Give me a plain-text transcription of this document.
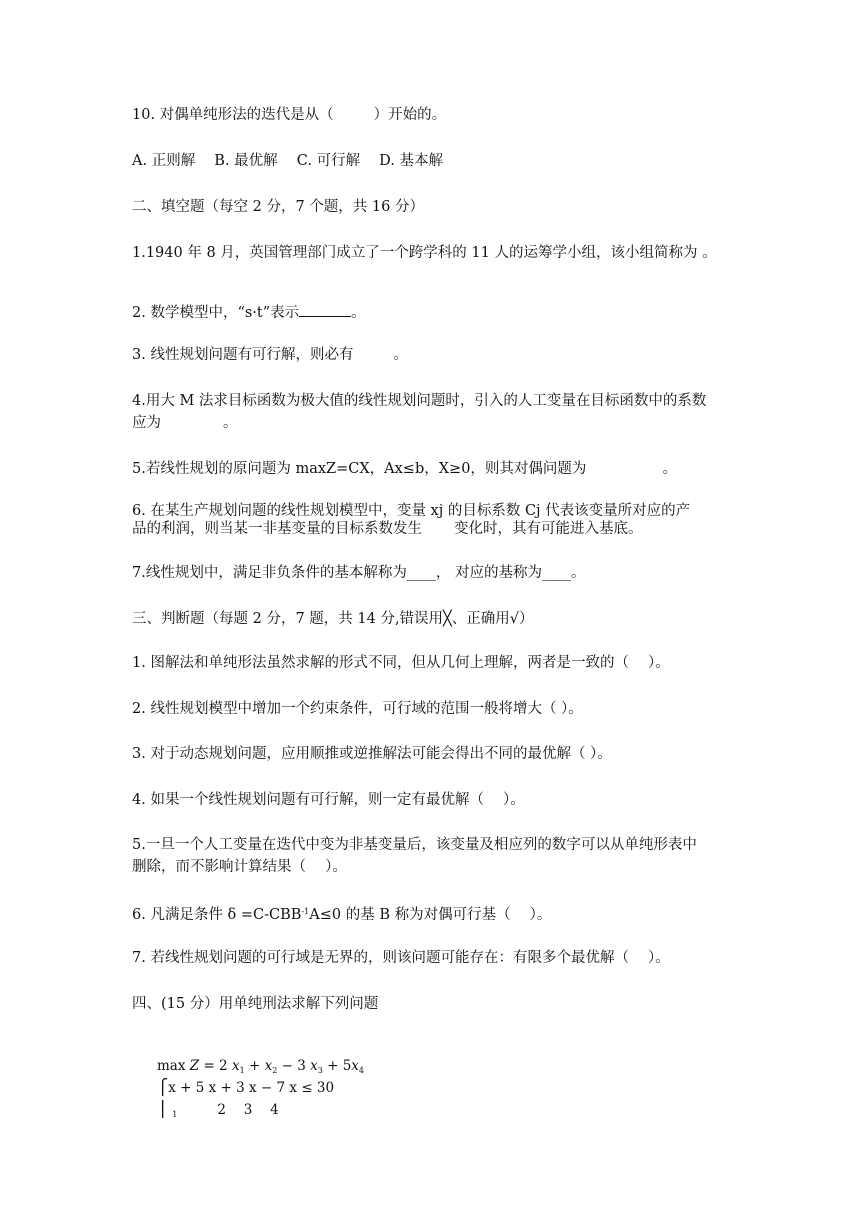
10. 对偶单纯形法的迭代是从（	）开始的。
A. 正则解　 B. 最优解　 C. 可行解　 D. 基本解
二、填空题（每空 2 分，7 个题，共 16 分）
1.1940 年 8 月，英国管理部门成立了一个跨学科的 11 人的运筹学小组，该小组简称为 。
2. 数学模型中，“s·t”表示	。
3. 线性规划问题有可行解，则必有	。
4.用大 M 法求目标函数为极大值的线性规划问题时，引入的人工变量在目标函数中的系数
应为	。
5.若线性规划的原问题为 maxZ=CX，Ax≤b，X≥0，则其对偶问题为	。
6. 在某生产规划问题的线性规划模型中，变量 xj 的目标系数 Cj 代表该变量所对应的产
品的利润，则当某一非基变量的目标系数发生 变化时，其有可能进入基底。
7.线性规划中，满足非负条件的基本解称为____， 对应的基称为____。
三、判断题（每题 2 分，7 题，共 14 分,错误用╳、正确用√）
1. 图解法和单纯形法虽然求解的形式不同，但从几何上理解，两者是一致的（　 ）。
2. 线性规划模型中增加一个约束条件，可行域的范围一般将增大（ ）。
3. 对于动态规划问题，应用顺推或逆推解法可能会得出不同的最优解（ ）。
4. 如果一个线性规划问题有可行解，则一定有最优解（　 ）。
5.一旦一个人工变量在迭代中变为非基变量后，该变量及相应列的数字可以从单纯形表中
删除，而不影响计算结果（　 ）。
6. 凡满足条件 $\delta =C-CBB^{-1}A\le 0$ 的基 B 称为对偶可行基（　 ）。
7. 若线性规划问题的可行域是无界的，则该问题可能存在：有限多个最优解（　 ）。
四、(15 分）用单纯刑法求解下列问题
max Z = 2 $x_1 + x_2 - 3$ $x_3 + 5x_4$
⎧x + 5 x + 3 x − 7 x ≤ 30
⎪ $_1$	2　 3　 4
